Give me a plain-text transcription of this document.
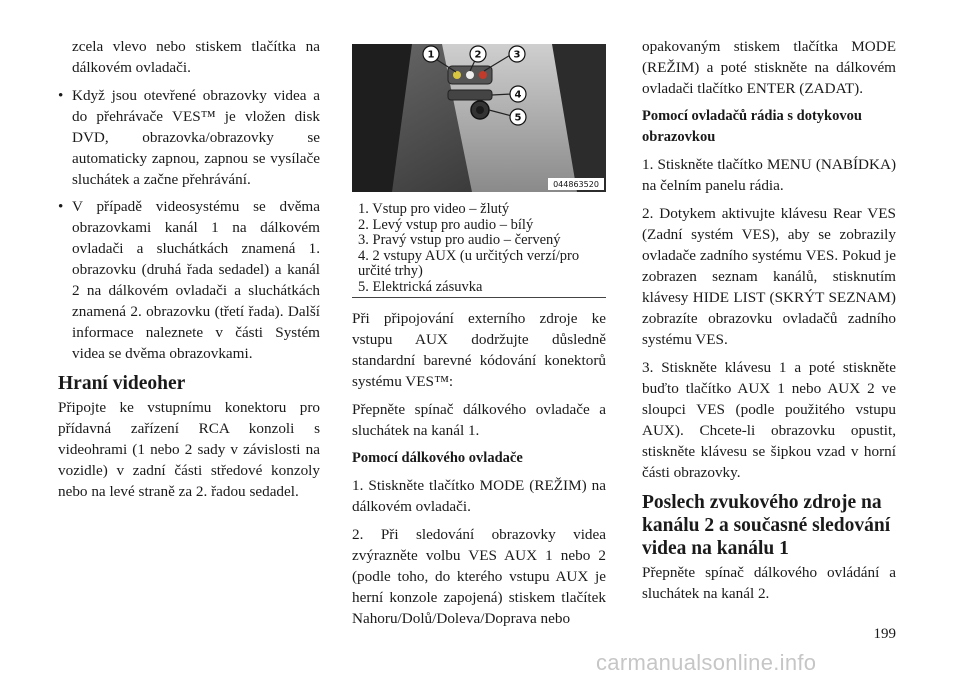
zcela vlevo nebo stiskem tlačítka na dálkovém ovladači.

• Když jsou otevřené obrazovky videa a do přehrávače VES™ je vložen disk DVD, obrazovka/obrazovky se automaticky zapnou, zapnou se vysílače sluchátek a začne přehrávání.
• V případě videosystému se dvěma obrazovkami kanál 1 na dálkovém ovladači a sluchátkách znamená 1. obrazovku (druhá řada sedadel) a kanál 2 na dálkovém ovladači a sluchátkách znamená 2. obrazovku (třetí řada). Další informace naleznete v části Systém videa se dvěma obrazovkami.
Hraní videoher

Připojte ke vstupnímu konektoru pro přídavná zařízení RCA konzoli s videohrami (1 nebo 2 sady v závislosti na vozidle) v zadní části středové konzoly nebo na levé straně za 2. řadou sedadel.

1	2	3
4
5
044863520
1. Vstup pro video – žlutý
2. Levý vstup pro audio – bílý
3. Pravý vstup pro audio – červený
4. 2 vstupy AUX (u určitých verzí/pro určité trhy)
5. Elektrická zásuvka

Při připojování externího zdroje ke vstupu AUX dodržujte důsledně standardní barevné kódování konektorů systému VES™:

Přepněte spínač dálkového ovladače a sluchátek na kanál 1.

Pomocí dálkového ovladače

1. Stiskněte tlačítko MODE (REŽIM) na dálkovém ovladači.

2. Při sledování obrazovky videa zvýrazněte volbu VES AUX 1 nebo 2 (podle toho, do kterého vstupu AUX je herní konzole zapojená) stiskem tlačítek Nahoru/Dolů/Doleva/Doprava nebo

opakovaným stiskem tlačítka MODE (REŽIM) a poté stiskněte na dálkovém ovladači tlačítko ENTER (ZADAT).

Pomocí ovladačů rádia s dotykovou obrazovkou

1. Stiskněte tlačítko MENU (NABÍDKA) na čelním panelu rádia.

2. Dotykem aktivujte klávesu Rear VES (Zadní systém VES), aby se zobrazily ovladače zadního systému VES. Pokud je zobrazen seznam kanálů, stisknutím klávesy HIDE LIST (SKRÝT SEZNAM) zobrazíte obrazovku ovladačů zadního systému VES.

3. Stiskněte klávesu 1 a poté stiskněte buďto tlačítko AUX 1 nebo AUX 2 ve sloupci VES (podle použitého vstupu AUX). Chcete-li obrazovku opustit, stiskněte klávesu se šipkou vzad v horní části obrazovky.

Poslech zvukového zdroje na kanálu 2 a současné sledování videa na kanálu 1

Přepněte spínač dálkového ovládání a sluchátek na kanál 2.

199
carmanualsonline.info
